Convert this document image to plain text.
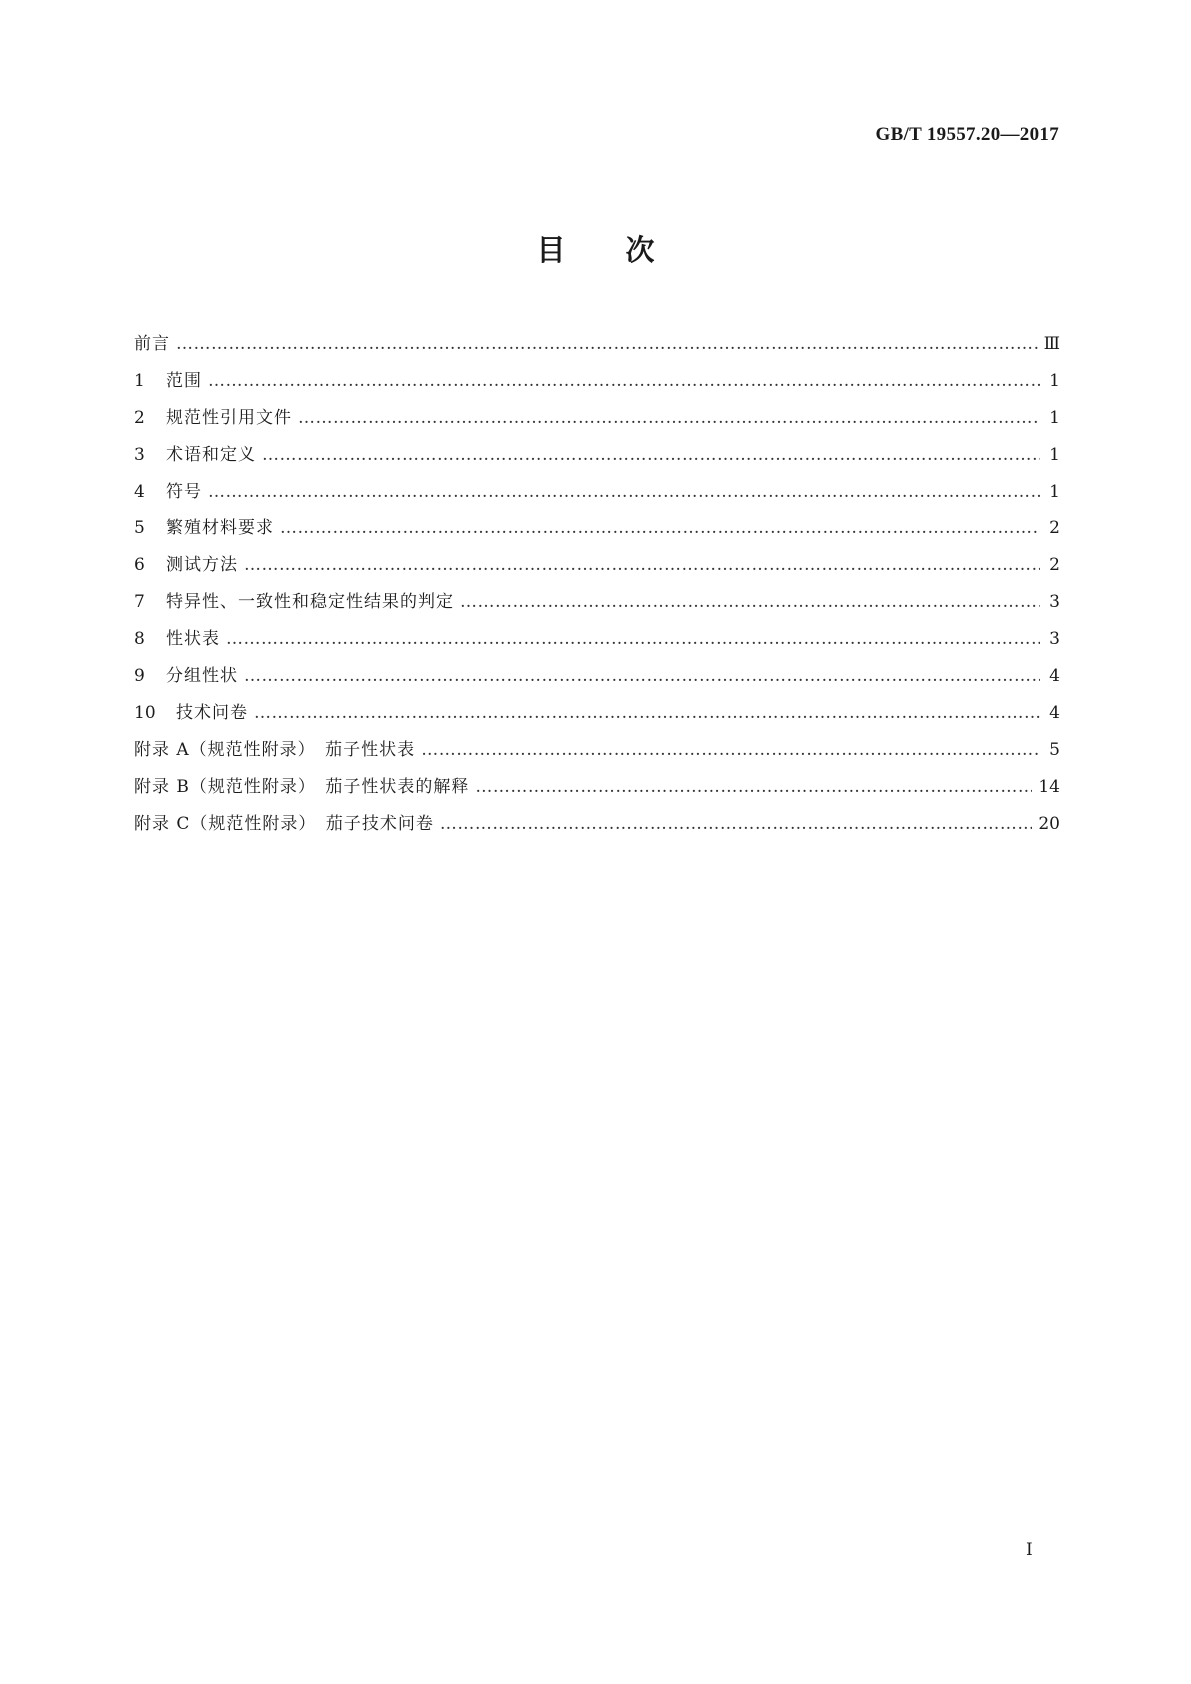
GB/T 19557.20—2017
目 次
前言 …………………………………………………………………………………………………………………………………………………………………………………………………………………………	Ⅲ
1	范围 …………………………………………………………………………………………………………………………………………………………………………………………………………………………	1
2	规范性引用文件 …………………………………………………………………………………………………………………………………………………………………………………………………………………………	1
3	术语和定义 …………………………………………………………………………………………………………………………………………………………………………………………………………………………	1
4	符号 …………………………………………………………………………………………………………………………………………………………………………………………………………………………	1
5	繁殖材料要求 …………………………………………………………………………………………………………………………………………………………………………………………………………………………	2
6	测试方法 …………………………………………………………………………………………………………………………………………………………………………………………………………………………	2
7	特异性、一致性和稳定性结果的判定 …………………………………………………………………………………………………………………………………………………………………………………………………………………………	3
8	性状表 …………………………………………………………………………………………………………………………………………………………………………………………………………………………	3
9	分组性状 …………………………………………………………………………………………………………………………………………………………………………………………………………………………	4
10	技术问卷 …………………………………………………………………………………………………………………………………………………………………………………………………………………………	4
附录 A（规范性附录）　茄子性状表 …………………………………………………………………………………………………………………………………………………………………………………………………………………………	5
附录 B（规范性附录）　茄子性状表的解释 …………………………………………………………………………………………………………………………………………………………………………………………………………………………	14
附录 C（规范性附录）　茄子技术问卷 …………………………………………………………………………………………………………………………………………………………………………………………………………………………	20
I
